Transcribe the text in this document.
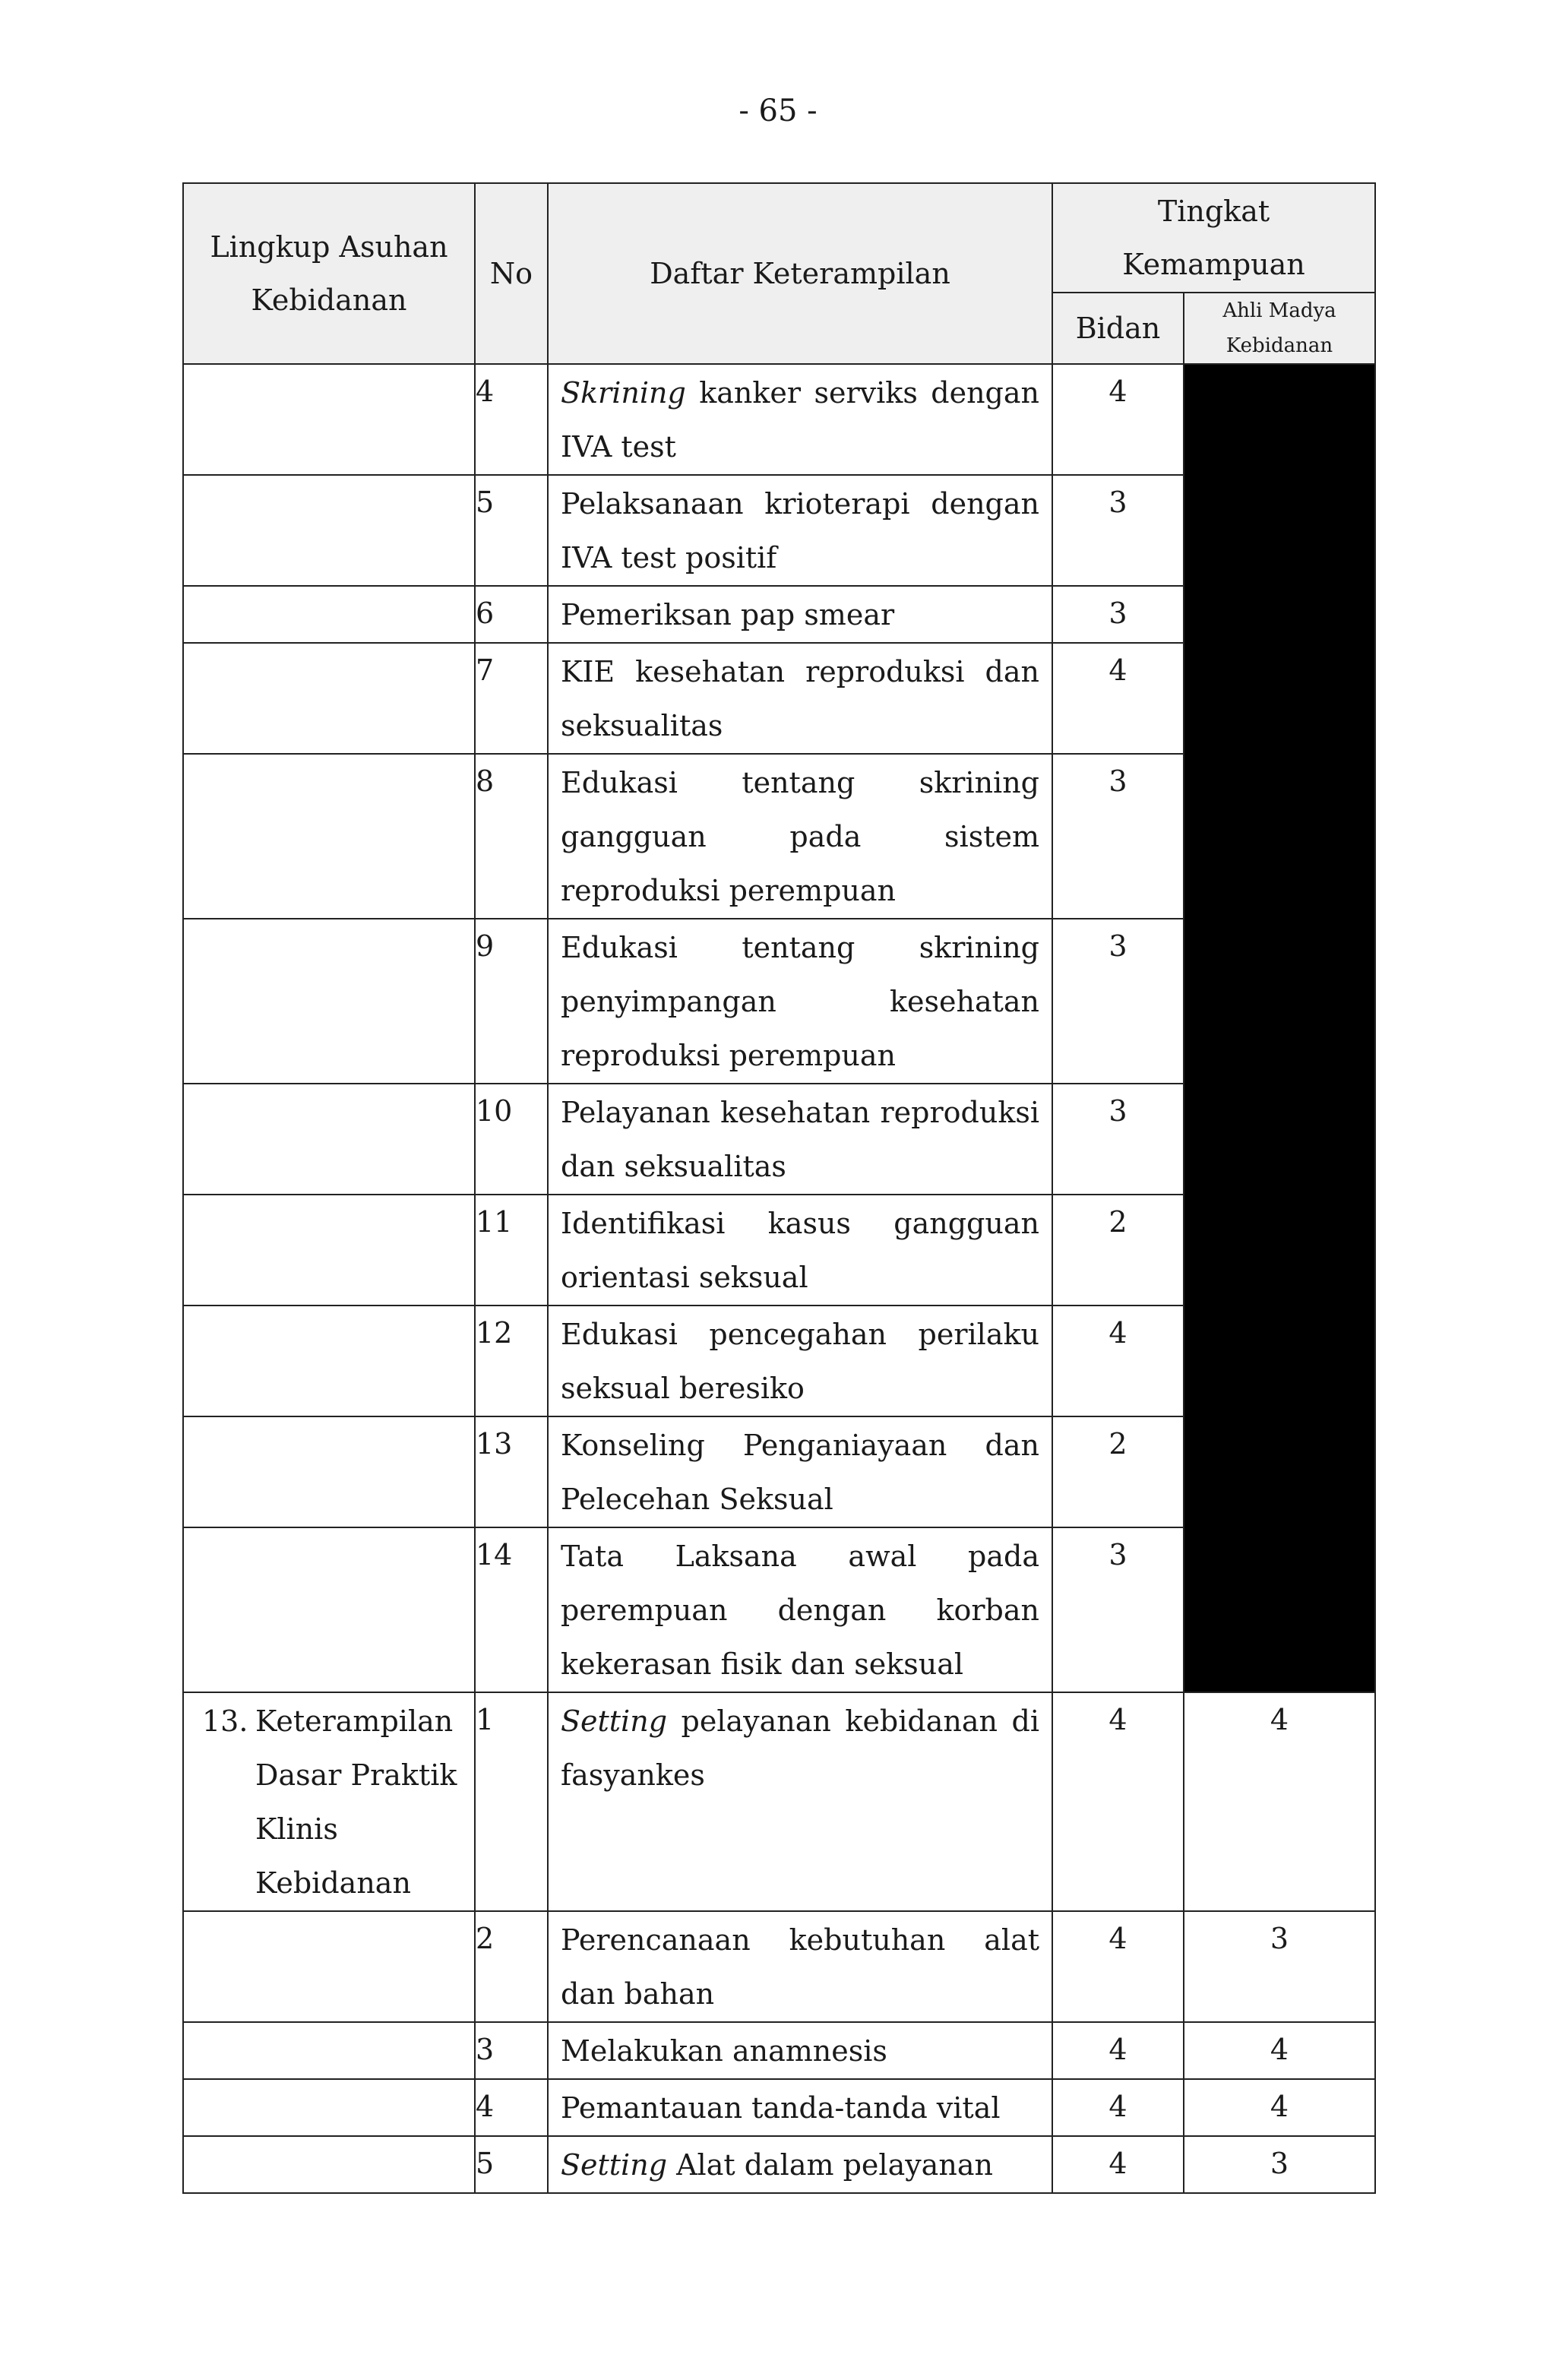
- 65 -
Lingkup Asuhan Kebidanan	No	Daftar Keterampilan	Tingkat Kemampuan	

			Bidan	Ahli Madya Kebidanan

	4	Skrining kanker serviks dengan IVA test	4	
	5	Pelaksanaan krioterapi dengan IVA test positif	3	
	6	Pemeriksan pap smear	3	
	7	KIE kesehatan reproduksi dan seksualitas	4	
	8	Edukasi tentang skrining gangguan pada sistem reproduksi perempuan	3	
	9	Edukasi tentang skrining penyimpangan kesehatan reproduksi perempuan	3	
	10	Pelayanan kesehatan reproduksi dan seksualitas	3	
	11	Identifikasi kasus gangguan orientasi seksual	2	
	12	Edukasi pencegahan perilaku seksual beresiko	4	
	13	Konseling Penganiayaan dan Pelecehan Seksual	2	
	14	Tata Laksana awal pada perempuan dengan korban kekerasan fisik dan seksual	3	

13. Keterampilan Dasar Praktik Klinis Kebidanan	1	Setting pelayanan kebidanan di fasyankes	4	4
	2	Perencanaan kebutuhan alat dan bahan	4	3
	3	Melakukan anamnesis	4	4
	4	Pemantauan tanda-tanda vital	4	4
	5	Setting Alat dalam pelayanan	4	3
